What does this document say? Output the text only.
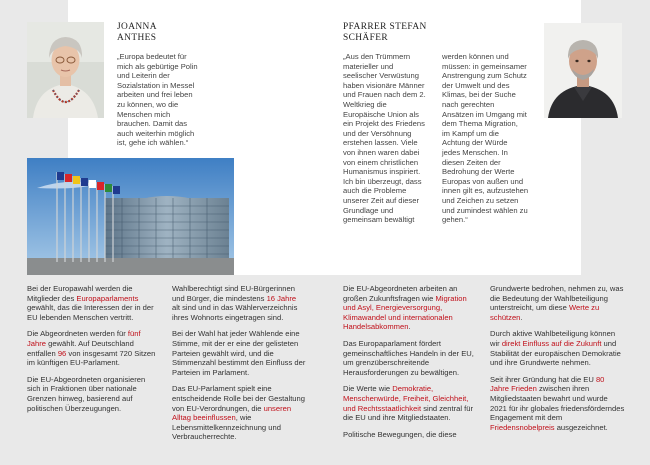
JOANNA
ANTHES
„Europa bedeutet für
mich als gebürtige Polin
und Leiterin der
Sozialstation in Messel
arbeiten und frei leben
zu können, wo die
Menschen mich
brauchen. Damit das
auch weiterhin möglich
ist, gehe ich wählen.“
PFARRER STEFAN
SCHÄFER
„Aus den Trümmern
materieller und
seelischer Verwüstung
haben visionäre Männer
und Frauen nach dem 2.
Weltkrieg die
Europäische Union als
ein Projekt des Friedens
und der Versöhnung
erstehen lassen. Viele
von ihnen waren dabei
von einem christlichen
Humanismus inspiriert.
Ich bin überzeugt, dass
auch die Probleme
unserer Zeit auf dieser
Grundlage und
gemeinsam bewältigt
werden können und
müssen: in gemeinsamer
Anstrengung zum Schutz
der Umwelt und des
Klimas, bei der Suche
nach gerechten
Ansätzen im Umgang mit
dem Thema Migration,
im Kampf um die
Achtung der Würde
jedes Menschen. In
diesen Zeiten der
Bedrohung der Werte
Europas von außen und
innen gilt es, aufzustehen
und Zeichen zu setzen
und zumindest wählen zu
gehen.“

Bei der Europawahl werden die Mitglieder des Europaparlaments gewählt, das die Interessen der in der EU lebenden Menschen vertritt.

Die Abgeordneten werden für fünf Jahre gewählt. Auf Deutschland entfallen 96 von insgesamt 720 Sitzen im künftigen EU-Parlament.

Die EU-Abgeordneten organisieren sich in Fraktionen über nationale Grenzen hinweg, basierend auf politischen Überzeugungen.

Wahlberechtigt sind EU-Bürgerinnen und Bürger, die mindestens 16 Jahre alt sind und in das Wählerverzeichnis ihres Wohnorts eingetragen sind.

Bei der Wahl hat jeder Wählende eine Stimme, mit der er eine der gelisteten Parteien gewählt wird, und die Stimmenzahl bestimmt den Einfluss der Parteien im Parlament.

Das EU-Parlament spielt eine entscheidende Rolle bei der Gestaltung von EU-Verordnungen, die unseren Alltag beeinflussen, wie Lebensmittelkennzeichnung und Verbraucherrechte.

Die EU-Abgeordneten arbeiten an großen Zukunftsfragen wie Migration und Asyl, Energieversorgung, Klimawandel und internationalen Handelsabkommen.

Das Europaparlament fördert gemeinschaftliches Handeln in der EU, um grenzüberschreitende Herausforderungen zu bewältigen.

Die Werte wie Demokratie, Menschenwürde, Freiheit, Gleichheit, und Rechtsstaatlichkeit sind zentral für die EU und ihre Mitgliedstaaten.

Politische Bewegungen, die diese

Grundwerte bedrohen, nehmen zu, was die Bedeutung der Wahlbeteiligung unterstreicht, um diese Werte zu schützen.

Durch aktive Wahlbeteiligung können wir direkt Einfluss auf die Zukunft und Stabilität der europäischen Demokratie und ihre Grundwerte nehmen.

Seit ihrer Gründung hat die EU 80 Jahre Frieden zwischen ihren Mitgliedstaaten bewahrt und wurde 2021 für ihr globales friedensförderndes Engagement mit dem Friedensnobelpreis ausgezeichnet.
